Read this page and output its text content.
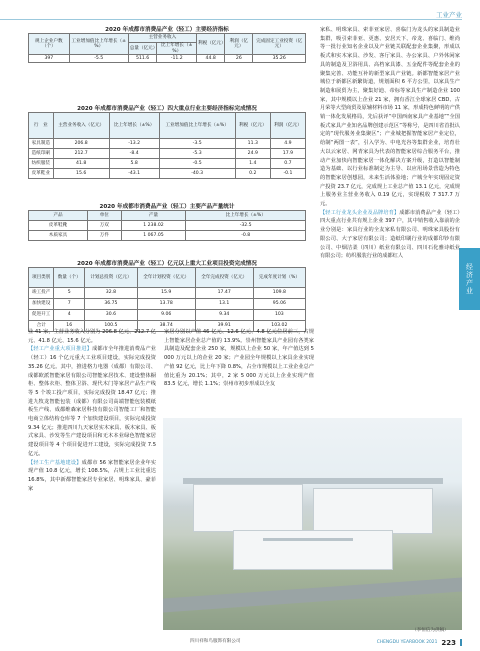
工业产业
经济产业
2020 年成都市消费品产业（轻工）主要经济指标
规上企业户数（个）	工业增加值比上年增长（±%）	主营业务收入		利税（亿元）	利润（亿元）	完成固定工业投资（亿元）
		总量（亿元）	比上年增长（±%）			
397	-5.5	511.6	-11.2	44.8	26	35.26
2020 年成都市消费品产业（轻工）四大重点行业主要经济指标完成情况
行　业	主营业务收入（亿元）	比上年增长（±%）	工业增加值比上年增长（±%）	利税（亿元）	利润（亿元）
家具制造	206.8	-13.2	-3.5	11.3	4.9
造纸印刷	212.7	-8.4	-5.3	24.9	17.9
纺织服装	41.8	5.8	-0.5	1.4	0.7
皮革鞋业	15.6	-43.1	-40.3	0.2	-0.1
2020 年成都市消费品产业（轻工）主要产品产量统计
产品	单位	产量	比上年增长（±%）
皮革鞋靴	万双	1 238.02	-32.5
木质家具	万件	1 067.05	-0.8
2020 年成都市消费品产业（轻工）亿元以上重大工业项目投资完成情况
项目类别	数量（个）	计划总投资（亿元）	全年计划投资（亿元）	全年完成投资（亿元）	完成年度计划（%）
竣工投产	5	32.8	15.9	17.47	109.8
加快建设	7	36.75	13.78	13.1	95.06
促进开工	4	30.6	9.06	9.34	103
合计	16	100.5	38.74	39.91	103.02
业 41 家，主营业务收入分别为 206.8 亿元、212.7 亿元、41.8 亿元、15.6 亿元。
【轻工产业重大项目推进】成都市全年推进消费品产业（轻工）16 个亿元重大工业项目建设，实际完成投资 35.26 亿元。其中，推进格力电器（成都）有限公司、成都欧派智能家居有限公司智能家居技术、建设整体橱柜、整体衣柜、整体卫浴、现代木门等家居产品生产线等 5 个竣工投产项目，实际完成投资 18.47 亿元；推进九牧龙智能包装（成都）有限公司高端智能包装模纸板生产线、成都维森家居科技有限公司智能工厂和智能电商立体结构仓库等 7 个加快建设项目，实际完成投资 9.34 亿元；推进四川九天家居实木家具、板木家具、板式家具、沙发等生产建设项目和无木本业绿色智能家居建设项目等 4 个项目促进开工建设，实际完成投资 7.5 亿元。
【轻工生产基地建设】成都市 56 家智能家居企业年实现产值 10.8 亿元，增长 108.5%，占规上工业比重达 16.8%，其中新都智能家居专业家居、明珠家具、豪菲家
家居分别以产值 46 亿元、12.6 亿元、4.8 亿元位居前三，占规上智能家居企业总产值的 13.9%。崇州智能家具产业园有各类家具制造及配套企业 250 家，规模以上企业 50 家，年产值达到 5 000 万元以上的企业 20 家；产业园全年规模以上家具企业实现产值 92 亿元，比上年下降 0.8%，占全市规模以上工业企业总产值比重为 20.1%；其中，2 家 5 000 万元以上企业实现产值 83.5 亿元，增长 1.1%；崇州市初步形成以全友
家私、明珠家具、索菲亚家居、喜临门为龙头的家具制造业集群，吸引索菲亚、更惠、安居天下、帝龙、喜临门、维尚等一批行业知名企业以及产业链关联配套企业集聚，形成以板式和实木家具、沙发、客厅家具、办公家具、户外休闲家具的制造及卫浴用具、高档家具漆、五金配件等配套企业的聚集完善、功能互补的新型家具产业链。新都智能家居产业城位于新都区新繁街道，规划面积 6 平方公里，以家具生产制造和展贸为主，聚集好迪、帝标等家具生产制造企业 100 家，其中规模以上企业 21 家，拥有香江全球家居 CBD、古月荣等大型商贸及原辅材料市场 11 家，形成特色鲜明的产供销一体化发展格局，先后获评“中国西南家具产业基地”“全国板式家具产业知名品牌创建示范区”等称号，是四川省首批认定的“现代服务业集聚区”；产业城把握智能家居产业定位，给制“两图一表”，引入学为、中电光谷等集群企业，培育壮大以云家居、网青家具为代表的智能家居综合服务平台，推动产业加快向智能家居一体化解决方案升级，打造以智能制造为基础、以行业标准制定为主导、以应用场景营造为特色的智能家居创想园，未来生活体验地；产城全年实现固定资产投资 23.7 亿元，完成规上工业总产值 13.1 亿元，完成规上服务业主营业务收入 0.19 亿元，实现税收 7 317.7 万元。
【轻工行业龙头企业及品牌培育】成都市消费品产业（轻工）四大重点行业共有规上企业 397 户，其中销售收入靠前的企业分别是：家具行业的全友家私有限公司、明珠家具股份有限公司、大子家居有限公司；造纸印刷行业的成都印钞有限公司、中烟洁柔（四川）纸业有限公司、四川石化雅诗纸业有限公司；纺织服装行业的成都红人
（李恒信为供稿）
四川祥和鸟服饰有限公司	CHENGDU YEARBOOK 2021 223
